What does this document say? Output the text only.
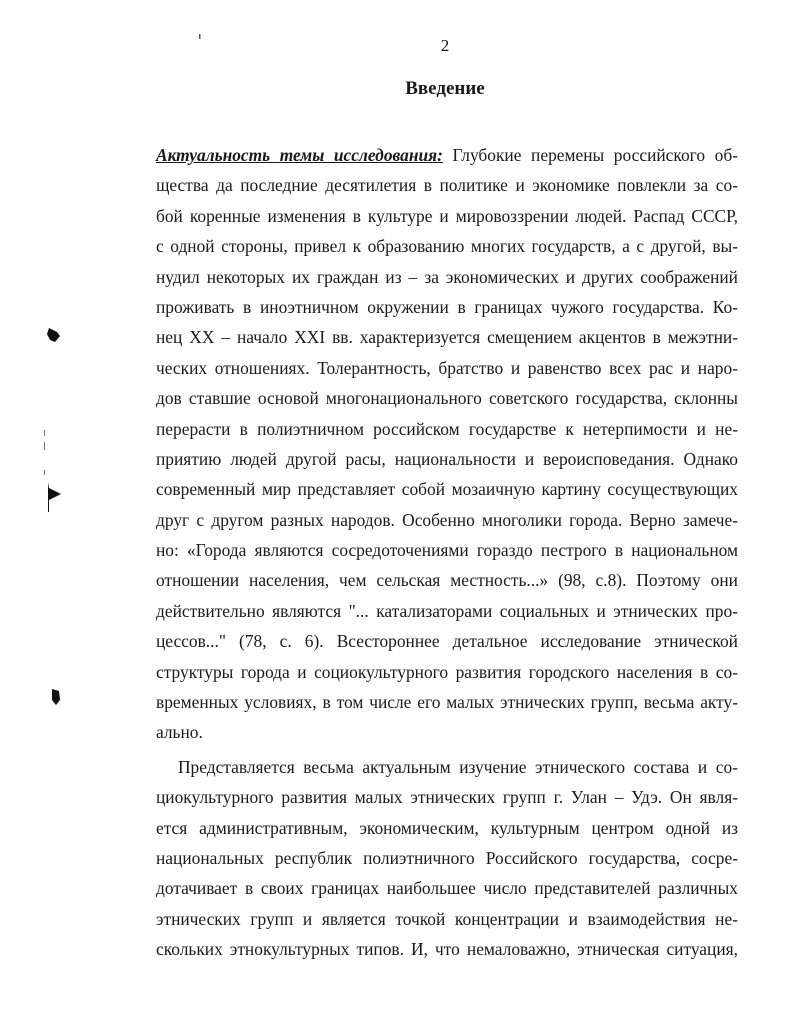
2
Введение
Актуальность темы исследования: Глубокие перемены российского об-
щества да последние десятилетия в политике и экономике повлекли за со-
бой коренные изменения в культуре и мировоззрении людей. Распад СССР,
с одной стороны, привел к образованию многих государств, а с другой, вы-
нудил некоторых их граждан из – за экономических и других соображений
проживать в иноэтничном окружении в границах чужого государства. Ко-
нец XX – начало XXI вв. характеризуется смещением акцентов в межэтни-
ческих отношениях. Толерантность, братство и равенство всех рас и наро-
дов ставшие основой многонационального советского государства, склонны
перерасти в полиэтничном российском государстве к нетерпимости и не-
приятию людей другой расы, национальности и вероисповедания. Однако
современный мир представляет собой мозаичную картину сосуществующих
друг с другом разных народов. Особенно многолики города. Верно замече-
но: «Города являются сосредоточениями гораздо пестрого в национальном
отношении населения, чем сельская местность...» (98, с.8). Поэтому они
действительно являются "... катализаторами социальных и этнических про-
цессов..." (78, с. 6). Всестороннее детальное исследование этнической
структуры города и социокультурного развития городского населения в со-
временных условиях, в том числе его малых этнических групп, весьма акту-
ально.
Представляется весьма актуальным изучение этнического состава и со-
циокультурного развития малых этнических групп г. Улан – Удэ. Он явля-
ется административным, экономическим, культурным центром одной из
национальных республик полиэтничного Российского государства, сосре-
дотачивает в своих границах наибольшее число представителей различных
этнических групп и является точкой концентрации и взаимодействия не-
скольких этнокультурных типов. И, что немаловажно, этническая ситуация,
